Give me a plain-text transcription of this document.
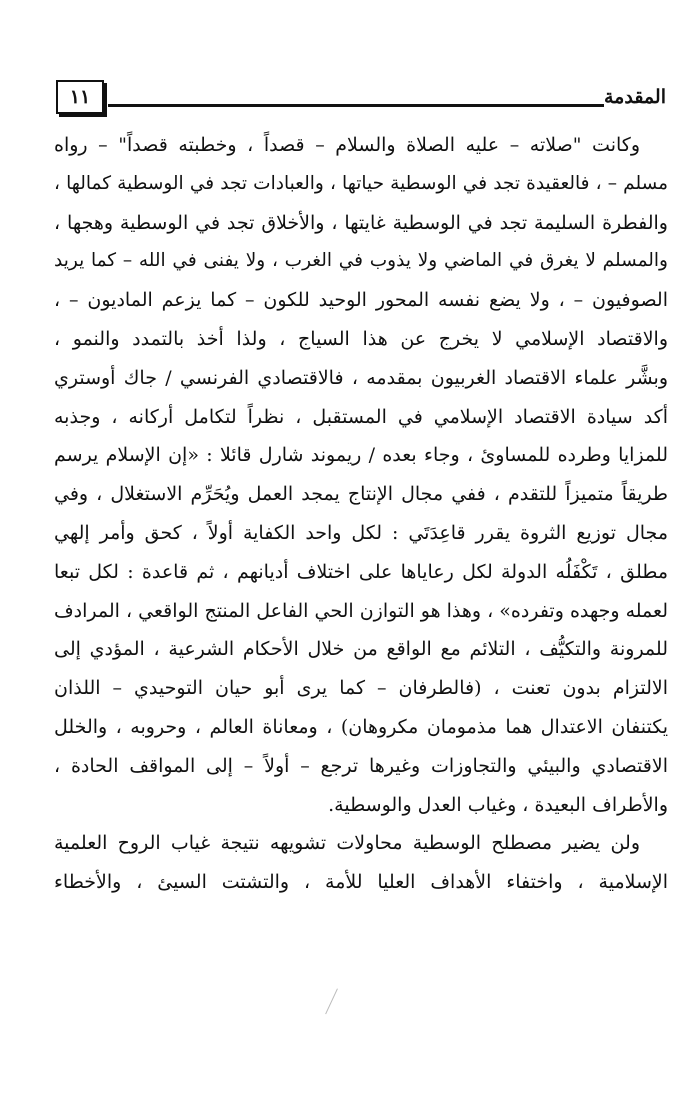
المقدمة
١١
وكانت "صلاته – عليه الصلاة والسلام – قصداً ، وخطبته قصداً" – رواه
مسلم – ، فالعقيدة تجد في الوسطية حياتها ، والعبادات تجد في الوسطية كمالها ،
والفطرة السليمة تجد في الوسطية غايتها ، والأخلاق تجد في الوسطية وهجها ،
والمسلم لا يغرق في الماضي ولا يذوب في الغرب ، ولا يفنى في الله – كما يريد
الصوفيون – ، ولا يضع نفسه المحور الوحيد للكون – كما يزعم الماديون – ،
والاقتصاد الإسلامي لا يخرج عن هذا السياج ، ولذا أخذ بالتمدد والنمو ،
وبشَّر علماء الاقتصاد الغربيون بمقدمه ، فالاقتصادي الفرنسي / جاك أوستري
أكد سيادة الاقتصاد الإسلامي في المستقبل ، نظراً لتكامل أركانه ، وجذبه
للمزايا وطرده للمساوئ ، وجاء بعده / ريموند شارل قائلا : «إن الإسلام يرسم
طريقاً متميزاً للتقدم ، ففي مجال الإنتاج يمجد العمل ويُحَرِّم الاستغلال ، وفي
مجال توزيع الثروة يقرر قاعِدَتَي : لكل واحد الكفاية أولاً ، كحق وأمر إلهي
مطلق ، تَكْفَلُه الدولة لكل رعاياها على اختلاف أديانهم ، ثم قاعدة : لكل تبعا
لعمله وجهده وتفرده» ، وهذا هو التوازن الحي الفاعل المنتج الواقعي ، المرادف
للمرونة والتكيُّف ، التلائم مع الواقع من خلال الأحكام الشرعية ، المؤدي إلى
الالتزام بدون تعنت ، (فالطرفان – كما يرى أبو حيان التوحيدي – اللذان
يكتنفان الاعتدال هما مذمومان مكروهان) ، ومعاناة العالم ، وحروبه ، والخلل
الاقتصادي والبيئي والتجاوزات وغيرها ترجع – أولاً – إلى المواقف الحادة ،
والأطراف البعيدة ، وغياب العدل والوسطية.
ولن يضير مصطلح الوسطية محاولات تشويهه نتيجة غياب الروح العلمية
الإسلامية ، واختفاء الأهداف العليا للأمة ، والتشتت السيئ ، والأخطاء
